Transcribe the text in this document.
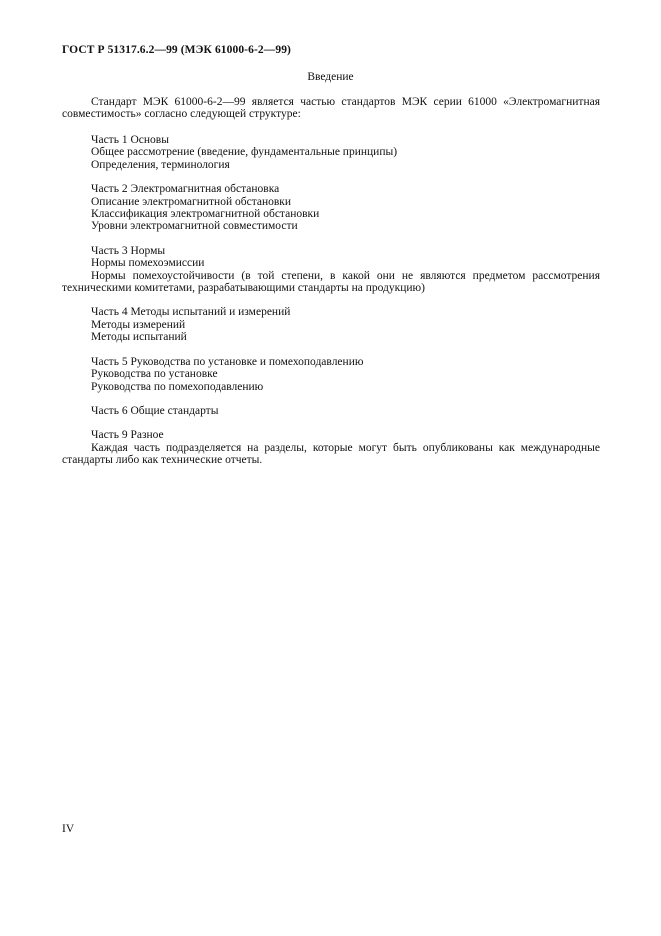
ГОСТ Р 51317.6.2—99 (МЭК 61000-6-2—99)
Введение

Стандарт МЭК 61000-6-2—99 является частью стандартов МЭК серии 61000 «Электромагнитная совместимость» согласно следующей структуре:

Часть 1 Основы
Общее рассмотрение (введение, фундаментальные принципы)
Определения, терминология
Часть 2 Электромагнитная обстановка
Описание электромагнитной обстановки
Классификация электромагнитной обстановки
Уровни электромагнитной совместимости
Часть 3 Нормы
Нормы помехоэмиссии

Нормы помехоустойчивости (в той степени, в какой они не являются предметом рассмотрения техническими комитетами, разрабатывающими стандарты на продукцию)

Часть 4 Методы испытаний и измерений
Методы измерений
Методы испытаний
Часть 5 Руководства по установке и помехоподавлению
Руководства по установке
Руководства по помехоподавлению
Часть 6 Общие стандарты
Часть 9 Разное

Каждая часть подразделяется на разделы, которые могут быть опубликованы как международные стандарты либо как технические отчеты.

IV
